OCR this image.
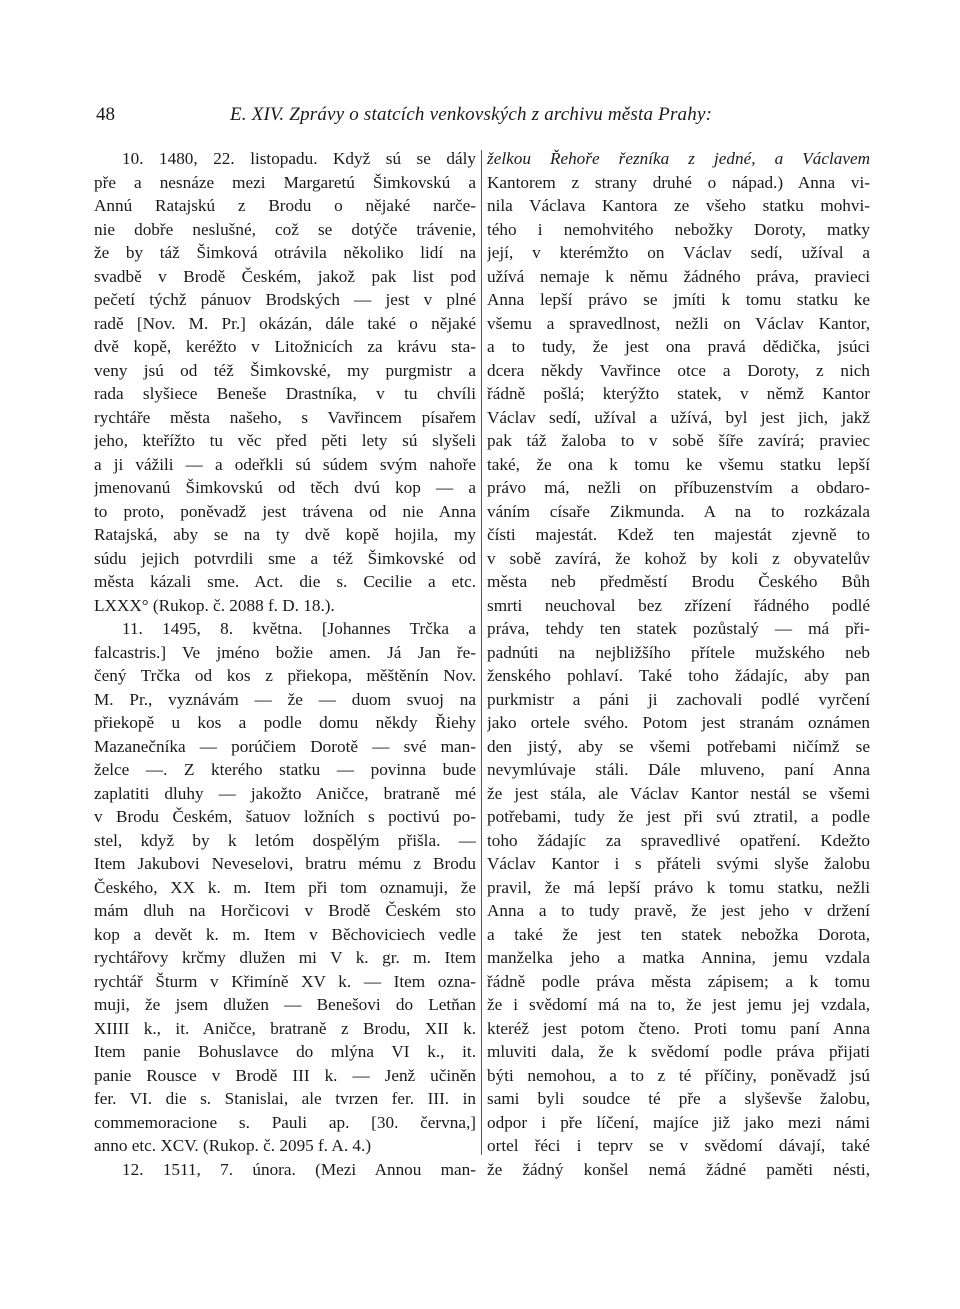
48	E. XIV. Zprávy o statcích venkovských z archivu města Prahy:
10. 1480, 22. listopadu. Když sú se dály
pře a nesnáze mezi Margaretú Šimkovskú a
Annú Ratajskú z Brodu o nějaké narče-
nie dobře neslušné, což se dotýče trávenie,
že by táž Šimková otrávila několiko lidí na
svadbě v Brodě Českém, jakož pak list pod
pečetí týchž pánuov Brodských — jest v plné
radě [Nov. M. Pr.] okázán, dále také o nějaké
dvě kopě, keréžto v Litožnicích za krávu sta-
veny jsú od též Šimkovské, my purgmistr a
rada slyšiece Beneše Drastníka, v tu chvíli
rychtáře města našeho, s Vavřincem písařem
jeho, kteřížto tu věc před pěti lety sú slyšeli
a ji vážili — a odeřkli sú súdem svým nahoře
jmenovanú Šimkovskú od těch dvú kop — a
to proto, poněvadž jest trávena od nie Anna
Ratajská, aby se na ty dvě kopě hojila, my
súdu jejich potvrdili sme a též Šimkovské od
města kázali sme. Act. die s. Cecilie a etc.
LXXX° (Rukop. č. 2088 f. D. 18.).
11. 1495, 8. května. [Johannes Trčka a
falcastris.] Ve jméno božie amen. Já Jan ře-
čený Trčka od kos z přiekopa, měštěnín Nov.
M. Pr., vyznávám — že — duom svuoj na
přiekopě u kos a podle domu někdy Řiehy
Mazanečníka — porúčiem Dorotě — své man-
želce —. Z kterého statku — povinna bude
zaplatiti dluhy — jakožto Aničce, bratraně mé
v Brodu Českém, šatuov ložních s poctivú po-
stel, když by k letóm dospělým přišla. —
Item Jakubovi Neveselovi, bratru mému z Brodu
Českého, XX k. m. Item při tom oznamuji, že
mám dluh na Horčicovi v Brodě Českém sto
kop a devět k. m. Item v Běchoviciech vedle
rychtářovy krčmy dlužen mi V k. gr. m. Item
rychtář Šturm v Křimíně XV k. — Item ozna-
muji, že jsem dlužen — Benešovi do Letňan
XIIII k., it. Aničce, bratraně z Brodu, XII k.
Item panie Bohuslavce do mlýna VI k., it.
panie Rousce v Brodě III k. — Jenž učiněn
fer. VI. die s. Stanislai, ale tvrzen fer. III. in
commemoracione s. Pauli ap. [30. června,]
anno etc. XCV. (Rukop. č. 2095 f. A. 4.)
12. 1511, 7. února. (Mezi Annou man-
želkou Řehoře řezníka z jedné, a Václavem
Kantorem z strany druhé o nápad.) Anna vi-
nila Václava Kantora ze všeho statku mohvi-
tého i nemohvitého nebožky Doroty, matky
její, v kterémžto on Václav sedí, užíval a
užívá nemaje k němu žádného práva, pravieci
Anna lepší právo se jmíti k tomu statku ke
všemu a spravedlnost, nežli on Václav Kantor,
a to tudy, že jest ona pravá dědička, jsúci
dcera někdy Vavřince otce a Doroty, z nich
řádně pošlá; kterýžto statek, v němž Kantor
Václav sedí, užíval a užívá, byl jest jich, jakž
pak táž žaloba to v sobě šíře zavírá; praviec
také, že ona k tomu ke všemu statku lepší
právo má, nežli on příbuzenstvím a obdaro-
váním císaře Zikmunda. A na to rozkázala
čísti majestát. Kdež ten majestát zjevně to
v sobě zavírá, že kohož by koli z obyvatelův
města neb předměstí Brodu Českého Bůh
smrti neuchoval bez zřízení řádného podlé
práva, tehdy ten statek pozůstalý — má při-
padnúti na nejbližšího přítele mužského neb
ženského pohlaví. Také toho žádajíc, aby pan
purkmistr a páni ji zachovali podlé vyrčení
jako ortele svého. Potom jest stranám oznámen
den jistý, aby se všemi potřebami ničímž se
nevymlúvaje stáli. Dále mluveno, paní Anna
že jest stála, ale Václav Kantor nestál se všemi
potřebami, tudy že jest při svú ztratil, a podle
toho žádajíc za spravedlivé opatření. Kdežto
Václav Kantor i s přáteli svými slyše žalobu
pravil, že má lepší právo k tomu statku, nežli
Anna a to tudy pravě, že jest jeho v držení
a také že jest ten statek nebožka Dorota,
manželka jeho a matka Annina, jemu vzdala
řádně podle práva města zápisem; a k tomu
že i svědomí má na to, že jest jemu jej vzdala,
kteréž jest potom čteno. Proti tomu paní Anna
mluviti dala, že k svědomí podle práva přijati
býti nemohou, a to z té příčiny, poněvadž jsú
sami byli soudce té pře a slyševše žalobu,
odpor i pře líčení, majíce již jako mezi námi
ortel řéci i teprv se v svědomí dávají, také
že žádný konšel nemá žádné paměti nésti,
